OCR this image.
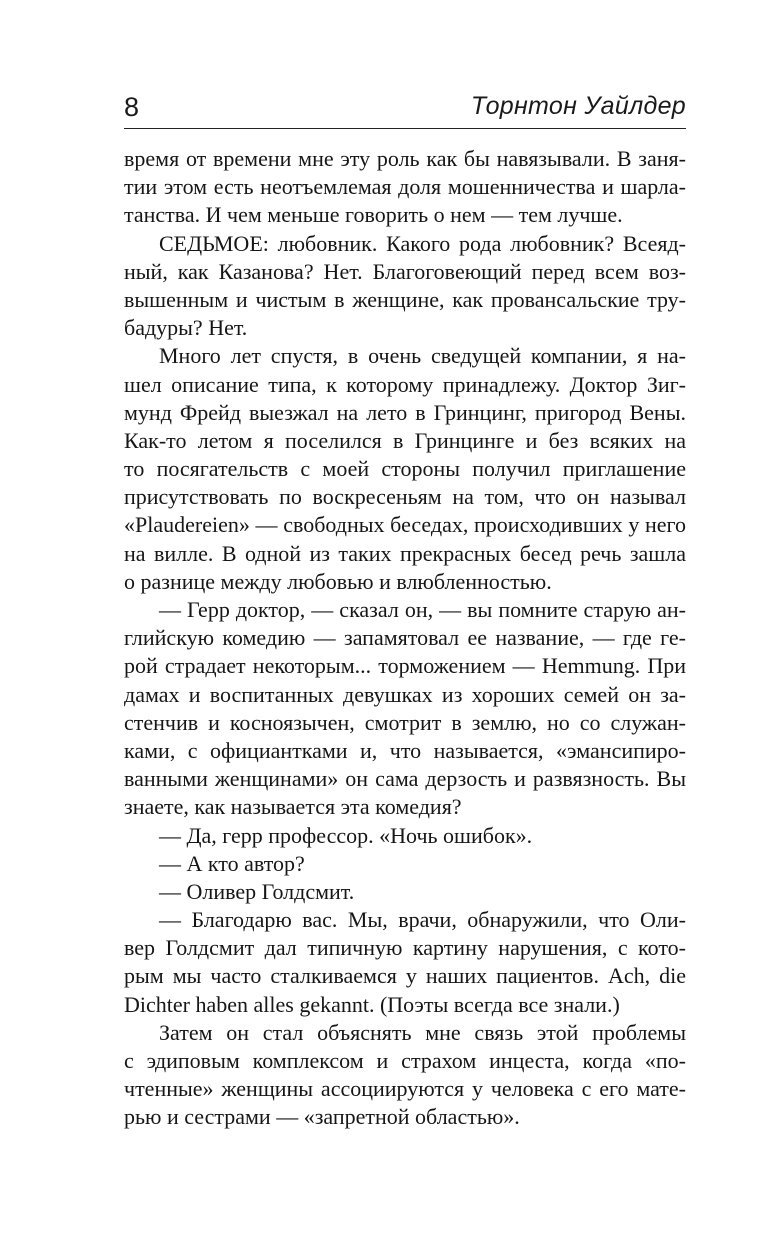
8	Торнтон Уайлдер
время от времени мне эту роль как бы навязывали. В заня-
тии этом есть неотъемлемая доля мошенничества и шарла-
танства. И чем меньше говорить о нем — тем лучше.
СЕДЬМОЕ: любовник. Какого рода любовник? Всеяд-
ный, как Казанова? Нет. Благоговеющий перед всем воз-
вышенным и чистым в женщине, как провансальские тру-
бадуры? Нет.
Много лет спустя, в очень сведущей компании, я на-
шел описание типа, к которому принадлежу. Доктор Зиг-
мунд Фрейд выезжал на лето в Гринцинг, пригород Вены.
Как-то летом я поселился в Гринцинге и без всяких на
то посягательств с моей стороны получил приглашение
присутствовать по воскресеньям на том, что он называл
«Plaudereien» — свободных беседах, происходивших у него
на вилле. В одной из таких прекрасных бесед речь зашла
о разнице между любовью и влюбленностью.
— Герр доктор, — сказал он, — вы помните старую ан-
глийскую комедию — запамятовал ее название, — где ге-
рой страдает некоторым... торможением — Hemmung. При
дамах и воспитанных девушках из хороших семей он за-
стенчив и косноязычен, смотрит в землю, но со служан-
ками, с официантками и, что называется, «эмансипиро-
ванными женщинами» он сама дерзость и развязность. Вы
знаете, как называется эта комедия?
— Да, герр профессор. «Ночь ошибок».
— А кто автор?
— Оливер Голдсмит.
— Благодарю вас. Мы, врачи, обнаружили, что Оли-
вер Голдсмит дал типичную картину нарушения, с кото-
рым мы часто сталкиваемся у наших пациентов. Ach, die
Dichter haben alles gekannt. (Поэты всегда все знали.)
Затем он стал объяснять мне связь этой проблемы
с эдиповым комплексом и страхом инцеста, когда «по-
чтенные» женщины ассоциируются у человека с его мате-
рью и сестрами — «запретной областью».
